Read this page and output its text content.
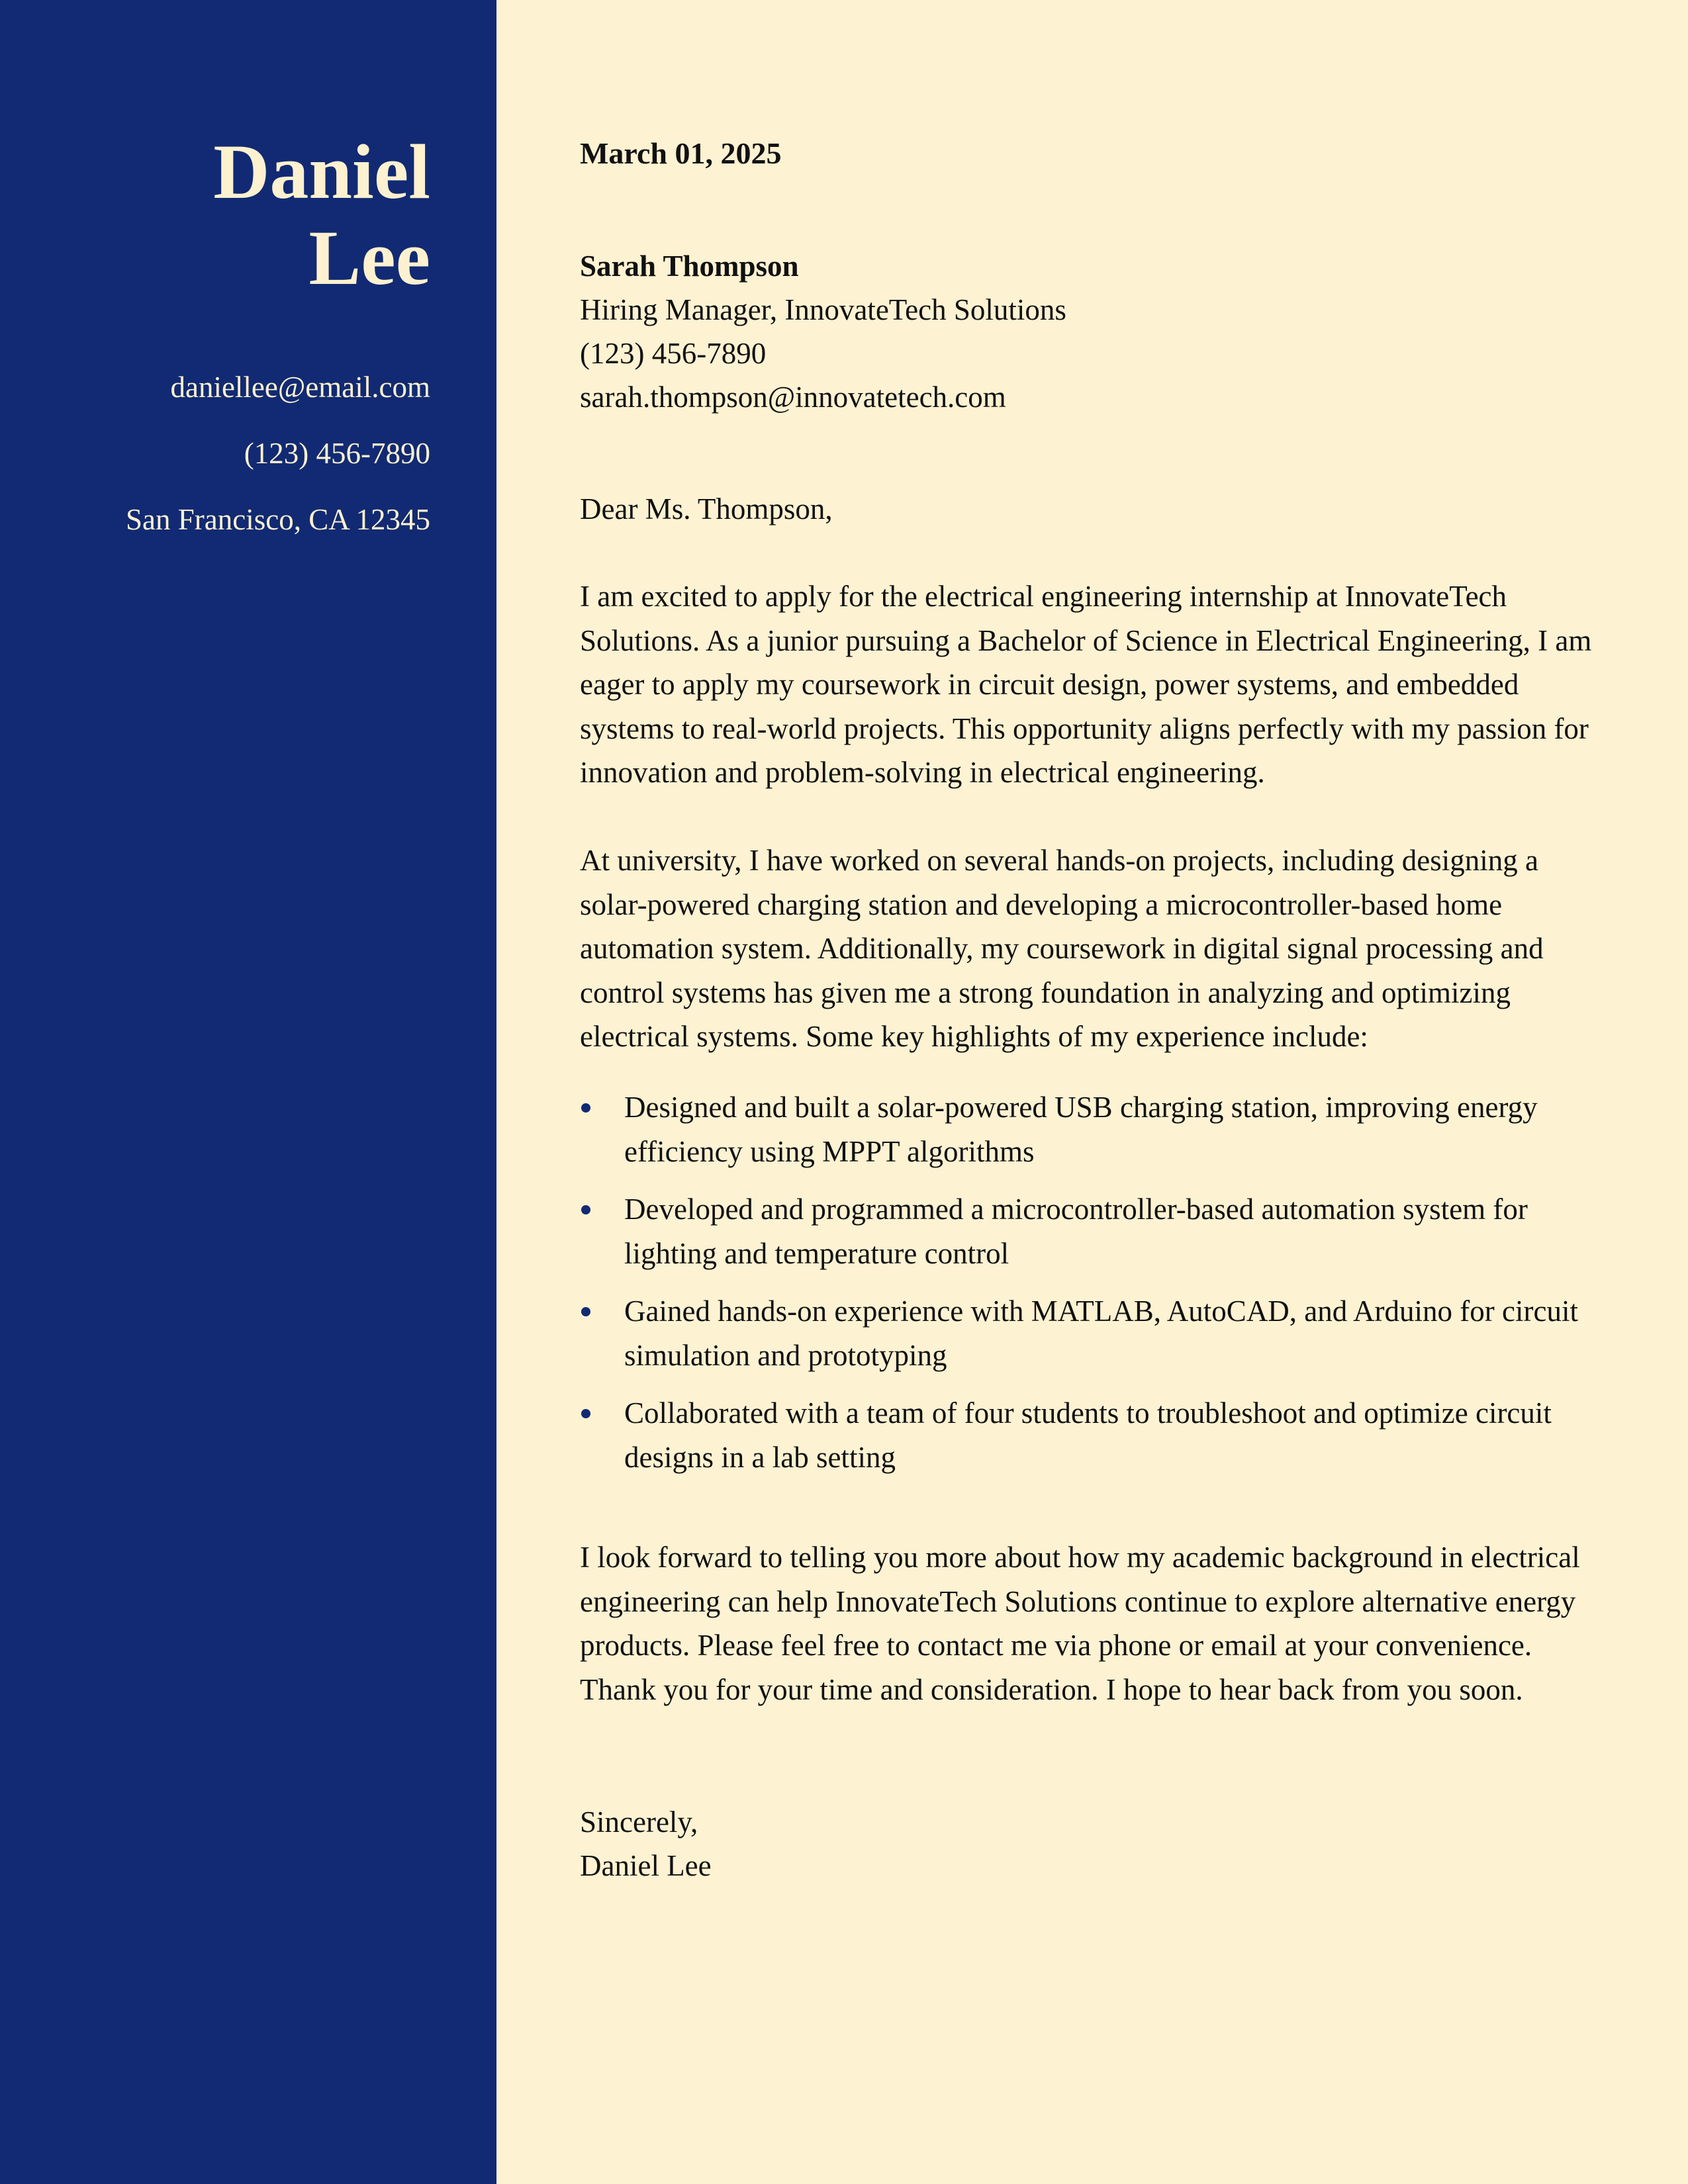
Daniel
Lee
daniellee@email.com
(123) 456-7890
San Francisco, CA 12345
March 01, 2025
Sarah Thompson
Hiring Manager, InnovateTech Solutions
(123) 456-7890
sarah.thompson@innovatetech.com
Dear Ms. Thompson,

I am excited to apply for the electrical engineering internship at InnovateTech Solutions. As a junior pursuing a Bachelor of Science in Electrical Engineering, I am eager to apply my coursework in circuit design, power systems, and embedded systems to real-world projects. This opportunity aligns perfectly with my passion for innovation and problem-solving in electrical engineering.

At university, I have worked on several hands-on projects, including designing a solar-powered charging station and developing a microcontroller-based home automation system. Additionally, my coursework in digital signal processing and control systems has given me a strong foundation in analyzing and optimizing electrical systems. Some key highlights of my experience include:

Designed and built a solar-powered USB charging station, improving energy efficiency using MPPT algorithms
Developed and programmed a microcontroller-based automation system for lighting and temperature control
Gained hands-on experience with MATLAB, AutoCAD, and Arduino for circuit simulation and prototyping
Collaborated with a team of four students to troubleshoot and optimize circuit designs in a lab setting

I look forward to telling you more about how my academic background in electrical engineering can help InnovateTech Solutions continue to explore alternative energy products. Please feel free to contact me via phone or email at your convenience. Thank you for your time and consideration. I hope to hear back from you soon.

Sincerely,
Daniel Lee
